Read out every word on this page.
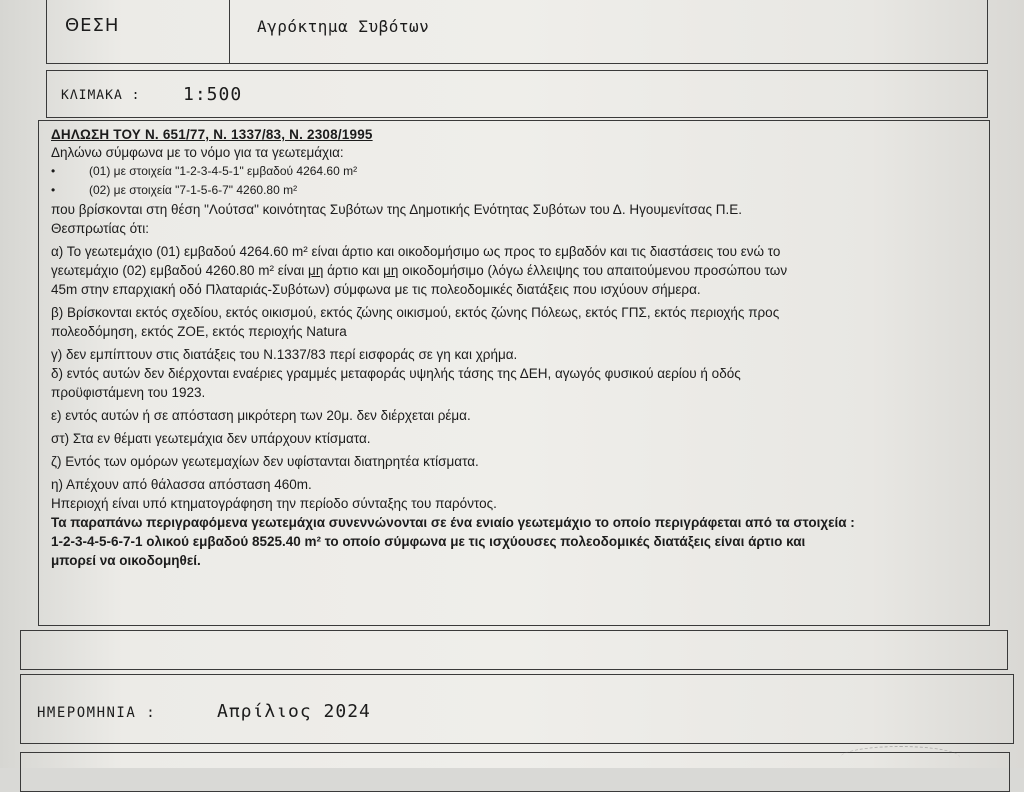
ΘΕΣΗ	Αγρόκτημα Συβότων
ΚΛΙΜΑΚΑ : 1:500
ΔΗΛΩΣΗ ΤΟΥ Ν. 651/77, Ν. 1337/83, Ν. 2308/1995
Δηλώνω σύμφωνα με το νόμο για τα γεωτεμάχια:
•	(01) με στοιχεία "1-2-3-4-5-1" εμβαδού 4264.60 m²
•	(02) με στοιχεία "7-1-5-6-7" 4260.80 m²
που βρίσκονται στη θέση "Λούτσα" κοινότητας Συβότων της Δημοτικής Ενότητας Συβότων του Δ. Ηγουμενίτσας Π.Ε.
Θεσπρωτίας ότι:
α) Το γεωτεμάχιο (01) εμβαδού 4264.60 m² είναι άρτιο και οικοδομήσιμο ως προς το εμβαδόν και τις διαστάσεις του ενώ το
γεωτεμάχιο (02) εμβαδού 4260.80 m² είναι μη άρτιο και μη οικοδομήσιμο (λόγω έλλειψης του απαιτούμενου προσώπου των
45m στην επαρχιακή οδό Πλαταριάς-Συβότων) σύμφωνα με τις πολεοδομικές διατάξεις που ισχύουν σήμερα.
β) Βρίσκονται εκτός σχεδίου, εκτός οικισμού, εκτός ζώνης οικισμού, εκτός ζώνης Πόλεως, εκτός ΓΠΣ, εκτός περιοχής προς
πολεοδόμηση, εκτός ΖΟΕ, εκτός περιοχής Natura
γ) δεν εμπίπτουν στις διατάξεις του Ν.1337/83 περί εισφοράς σε γη και χρήμα.
δ) εντός αυτών δεν διέρχονται εναέριες γραμμές μεταφοράς υψηλής τάσης της ΔΕΗ, αγωγός φυσικού αερίου ή οδός
προϋφιστάμενη του 1923.
ε) εντός αυτών ή σε απόσταση μικρότερη των 20μ. δεν διέρχεται ρέμα.
στ) Στα εν θέματι γεωτεμάχια δεν υπάρχουν κτίσματα.
ζ) Εντός των ομόρων γεωτεμαχίων δεν υφίστανται διατηρητέα κτίσματα.
η) Απέχουν από θάλασσα απόσταση 460m.
Ηπεριοχή είναι υπό κτηματογράφηση την περίοδο σύνταξης του παρόντος.
Τα παραπάνω περιγραφόμενα γεωτεμάχια συνεννώνονται σε ένα ενιαίο γεωτεμάχιο το οποίο περιγράφεται από τα στοιχεία :
1-2-3-4-5-6-7-1 ολικού εμβαδού 8525.40 m² το οποίο σύμφωνα με τις ισχύουσες πολεοδομικές διατάξεις είναι άρτιο και
μπορεί να οικοδομηθεί.
ΗΜΕΡΟΜΗΝΙΑ :	Απρίλιος 2024
